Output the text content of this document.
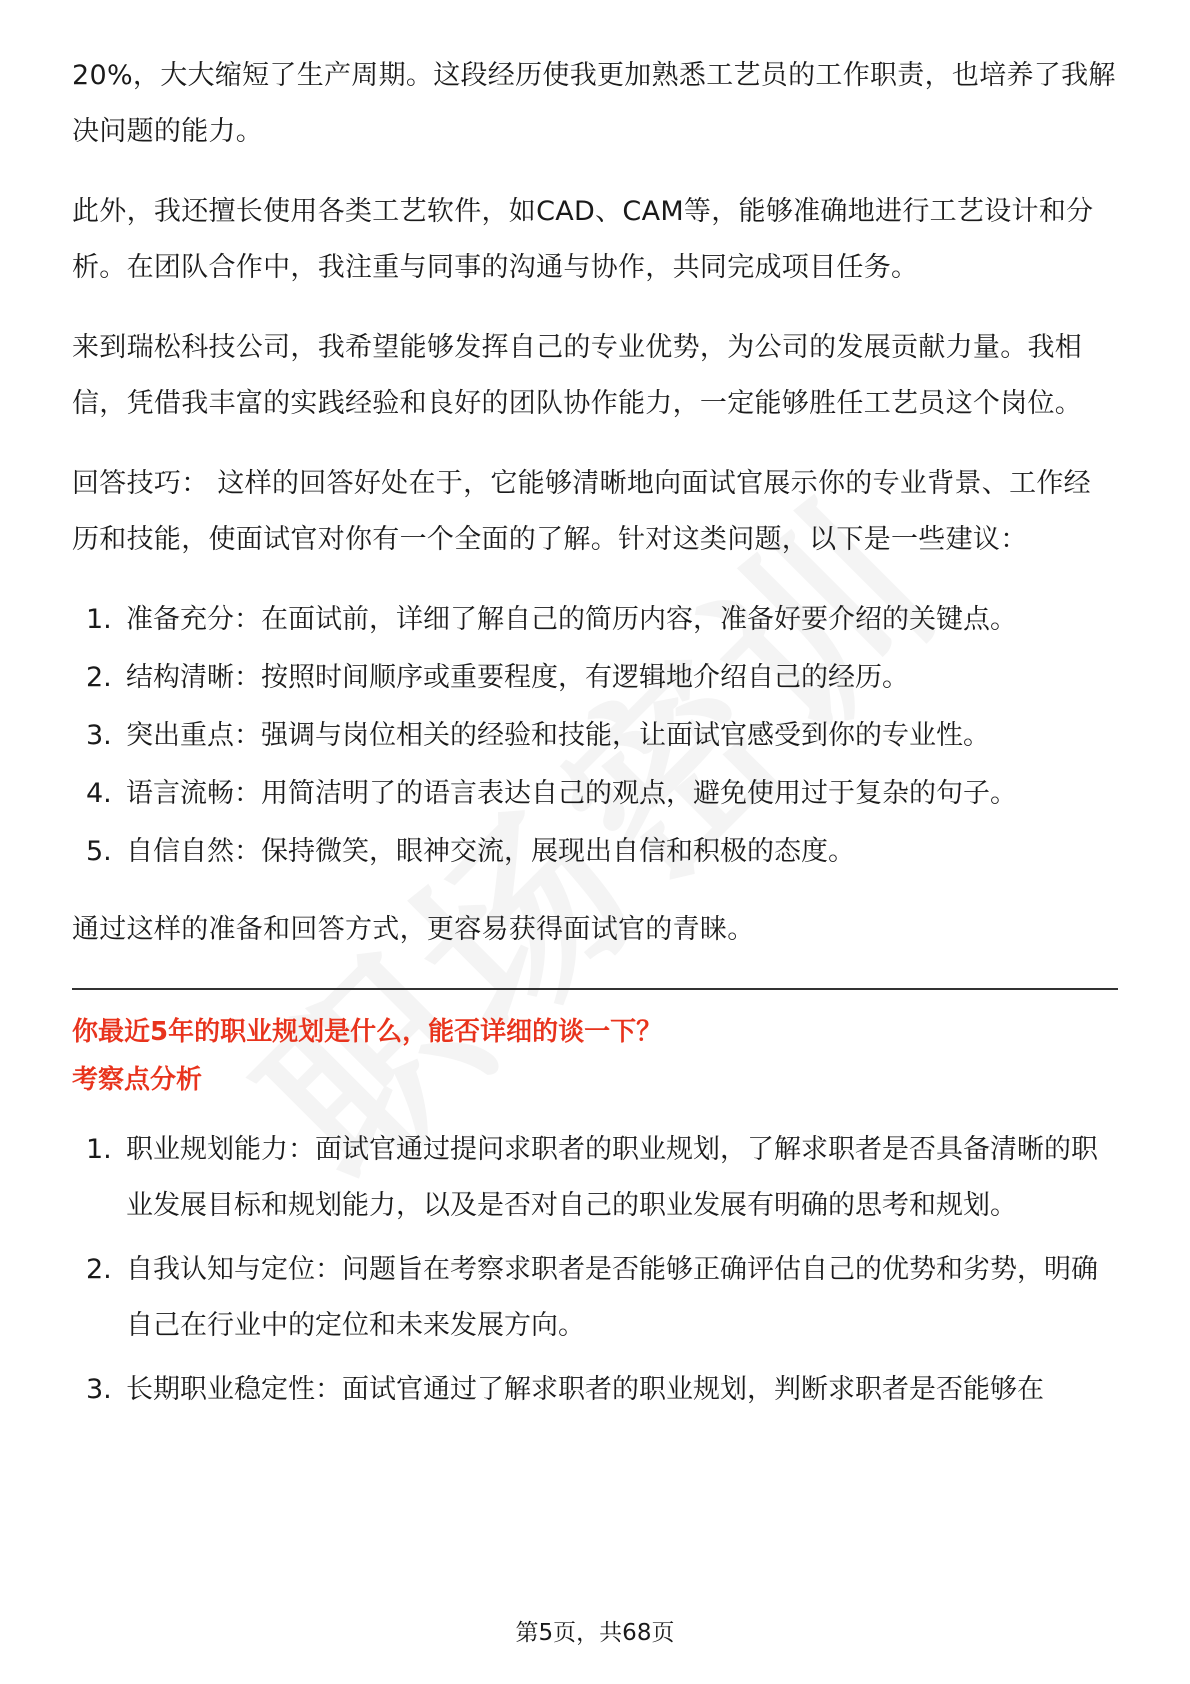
20%，大大缩短了生产周期。这段经历使我更加熟悉工艺员的工作职责，也培养了我解决问题的能力。

此外，我还擅长使用各类工艺软件，如CAD、CAM等，能够准确地进行工艺设计和分析。在团队合作中，我注重与同事的沟通与协作，共同完成项目任务。

来到瑞松科技公司，我希望能够发挥自己的专业优势，为公司的发展贡献力量。我相信，凭借我丰富的实践经验和良好的团队协作能力，一定能够胜任工艺员这个岗位。

回答技巧： 这样的回答好处在于，它能够清晰地向面试官展示你的专业背景、工作经历和技能，使面试官对你有一个全面的了解。针对这类问题，以下是一些建议：

1. 准备充分：在面试前，详细了解自己的简历内容，准备好要介绍的关键点。
2. 结构清晰：按照时间顺序或重要程度，有逻辑地介绍自己的经历。
3. 突出重点：强调与岗位相关的经验和技能，让面试官感受到你的专业性。
4. 语言流畅：用简洁明了的语言表达自己的观点，避免使用过于复杂的句子。
5. 自信自然：保持微笑，眼神交流，展现出自信和积极的态度。

通过这样的准备和回答方式，更容易获得面试官的青睐。

你最近5年的职业规划是什么，能否详细的谈一下？
考察点分析
1. 职业规划能力：面试官通过提问求职者的职业规划，了解求职者是否具备清晰的职业发展目标和规划能力，以及是否对自己的职业发展有明确的思考和规划。
2. 自我认知与定位：问题旨在考察求职者是否能够正确评估自己的优势和劣势，明确自己在行业中的定位和未来发展方向。
3. 长期职业稳定性：面试官通过了解求职者的职业规划，判断求职者是否能够在
第5页，共68页
